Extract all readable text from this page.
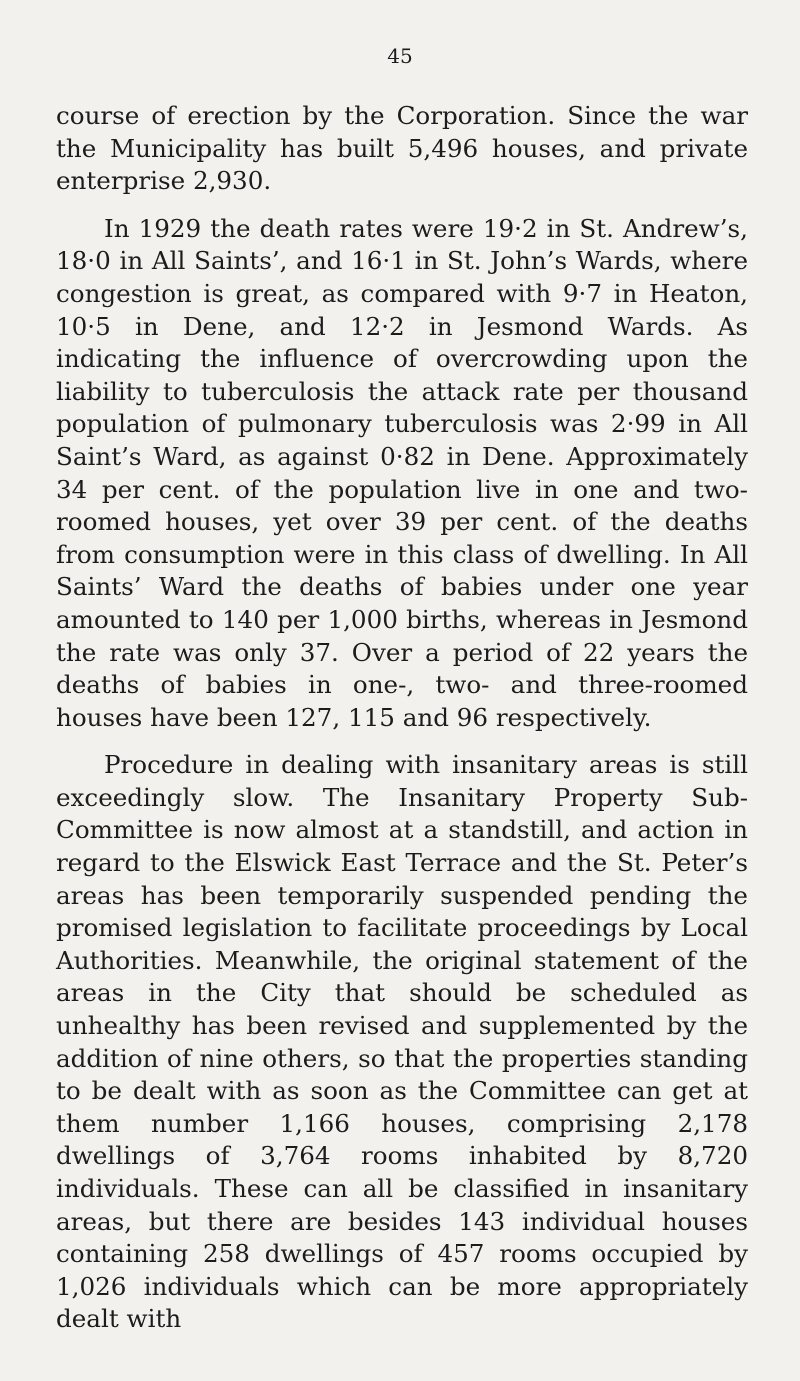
45

course of erection by the Corporation. Since the war the Municipality has built 5,496 houses, and private enterprise 2,930.

In 1929 the death rates were 19·2 in St. Andrew’s, 18·0 in All Saints’, and 16·1 in St. John’s Wards, where congestion is great, as compared with 9·7 in Heaton, 10·5 in Dene, and 12·2 in Jesmond Wards. As indicating the influence of overcrowding upon the liability to tuberculosis the attack rate per thousand population of pulmonary tuberculosis was 2·99 in All Saint’s Ward, as against 0·82 in Dene. Approximately 34 per cent. of the population live in one and two-roomed houses, yet over 39 per cent. of the deaths from consumption were in this class of dwelling. In All Saints’ Ward the deaths of babies under one year amounted to 140 per 1,000 births, whereas in Jesmond the rate was only 37. Over a period of 22 years the deaths of babies in one-, two- and three-roomed houses have been 127, 115 and 96 respectively.

Procedure in dealing with insanitary areas is still exceedingly slow. The Insanitary Property Sub-Committee is now almost at a standstill, and action in regard to the Elswick East Terrace and the St. Peter’s areas has been temporarily suspended pending the promised legislation to facilitate proceedings by Local Authorities. Meanwhile, the original statement of the areas in the City that should be scheduled as unhealthy has been revised and supplemented by the addition of nine others, so that the properties standing to be dealt with as soon as the Committee can get at them number 1,166 houses, comprising 2,178 dwellings of 3,764 rooms inhabited by 8,720 individuals. These can all be classified in insanitary areas, but there are besides 143 individual houses containing 258 dwellings of 457 rooms occupied by 1,026 individuals which can be more appropriately dealt with
